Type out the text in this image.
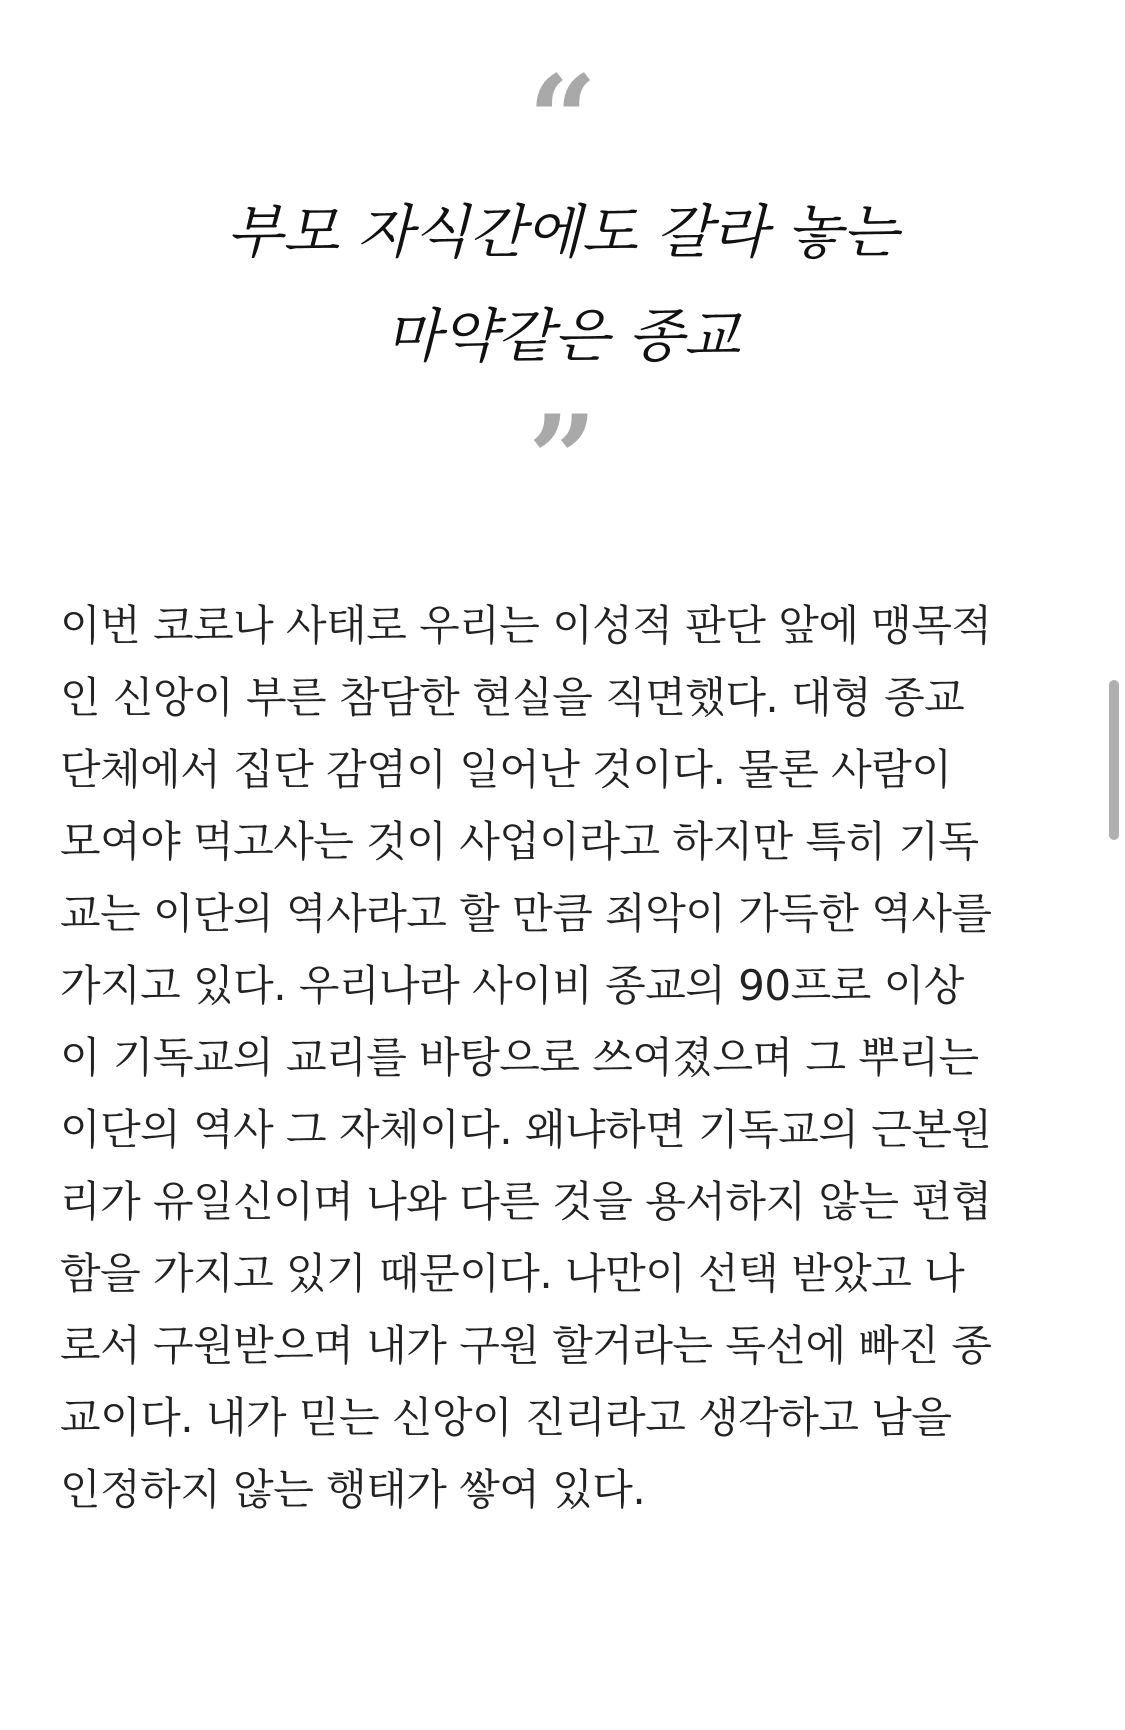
“
부모 자식간에도 갈라 놓는
마약같은 종교
”
이번 코로나 사태로 우리는 이성적 판단 앞에 맹목적
인 신앙이 부른 참담한 현실을 직면했다. 대형 종교
단체에서 집단 감염이 일어난 것이다. 물론 사람이
모여야 먹고사는 것이 사업이라고 하지만 특히 기독
교는 이단의 역사라고 할 만큼 죄악이 가득한 역사를
가지고 있다. 우리나라 사이비 종교의 90프로 이상
이 기독교의 교리를 바탕으로 쓰여졌으며 그 뿌리는
이단의 역사 그 자체이다. 왜냐하면 기독교의 근본원
리가 유일신이며 나와 다른 것을 용서하지 않는 편협
함을 가지고 있기 때문이다. 나만이 선택 받았고 나
로서 구원받으며 내가 구원 할거라는 독선에 빠진 종
교이다. 내가 믿는 신앙이 진리라고 생각하고 남을
인정하지 않는 행태가 쌓여 있다.
